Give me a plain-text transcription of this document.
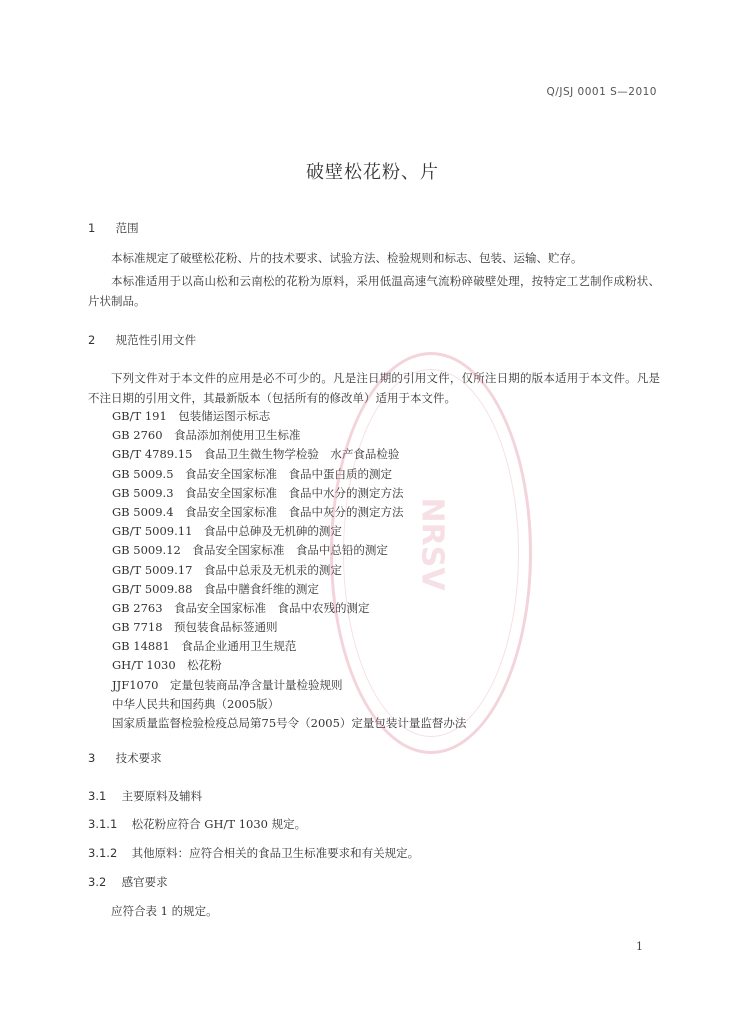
Q/JSJ 0001 S—2010
破壁松花粉、片
1 范围

本标准规定了破壁松花粉、片的技术要求、试验方法、检验规则和标志、包装、运输、贮存。

本标准适用于以高山松和云南松的花粉为原料，采用低温高速气流粉碎破壁处理，按特定工艺制作成粉状、片状制品。

2 规范性引用文件

下列文件对于本文件的应用是必不可少的。凡是注日期的引用文件，仅所注日期的版本适用于本文件。凡是不注日期的引用文件，其最新版本（包括所有的修改单）适用于本文件。

GB/T 191　包装储运图示标志
GB 2760　食品添加剂使用卫生标准
GB/T 4789.15　食品卫生微生物学检验　水产食品检验
GB 5009.5　食品安全国家标准　食品中蛋白质的测定
GB 5009.3　食品安全国家标准　食品中水分的测定方法
GB 5009.4　食品安全国家标准　食品中灰分的测定方法
GB/T 5009.11　食品中总砷及无机砷的测定
GB 5009.12　食品安全国家标准　食品中总铅的测定
GB/T 5009.17　食品中总汞及无机汞的测定
GB/T 5009.88　食品中膳食纤维的测定
GB 2763　食品安全国家标准　食品中农残的测定
GB 7718　预包装食品标签通则
GB 14881　食品企业通用卫生规范
GH/T 1030　松花粉
JJF1070　定量包装商品净含量计量检验规则
中华人民共和国药典（2005版）
国家质量监督检验检疫总局第75号令（2005）定量包装计量监督办法
3 技术要求
3.1 主要原料及辅料
3.1.1 松花粉应符合 GH/T 1030 规定。
3.1.2 其他原料：应符合相关的食品卫生标准要求和有关规定。
3.2 感官要求
应符合表 1 的规定。
1
NRSV
